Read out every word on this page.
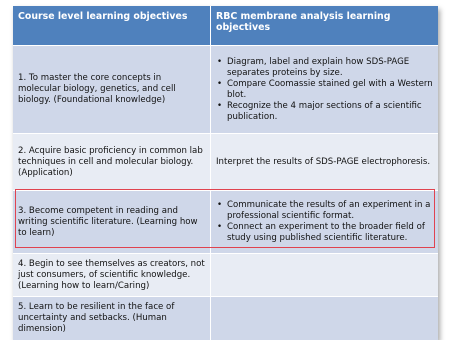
Course level learning objectives	RBC membrane analysis learning objectives
1. To master the core concepts in molecular biology, genetics, and cell biology. (Foundational knowledge)
• Diagram, label and explain how SDS-PAGE separates proteins by size.
• Compare Coomassie stained gel with a Western blot.
• Recognize the 4 major sections of a scientific publication.
2. Acquire basic proficiency in common lab techniques in cell and molecular biology. (Application)
Interpret the results of SDS-PAGE electrophoresis.
3. Become competent in reading and writing scientific literature. (Learning how to learn)
• Communicate the results of an experiment in a professional scientific format.
• Connect an experiment to the broader field of study using published scientific literature.
4. Begin to see themselves as creators, not just consumers, of scientific knowledge. (Learning how to learn/Caring)
5. Learn to be resilient in the face of uncertainty and setbacks. (Human dimension)
